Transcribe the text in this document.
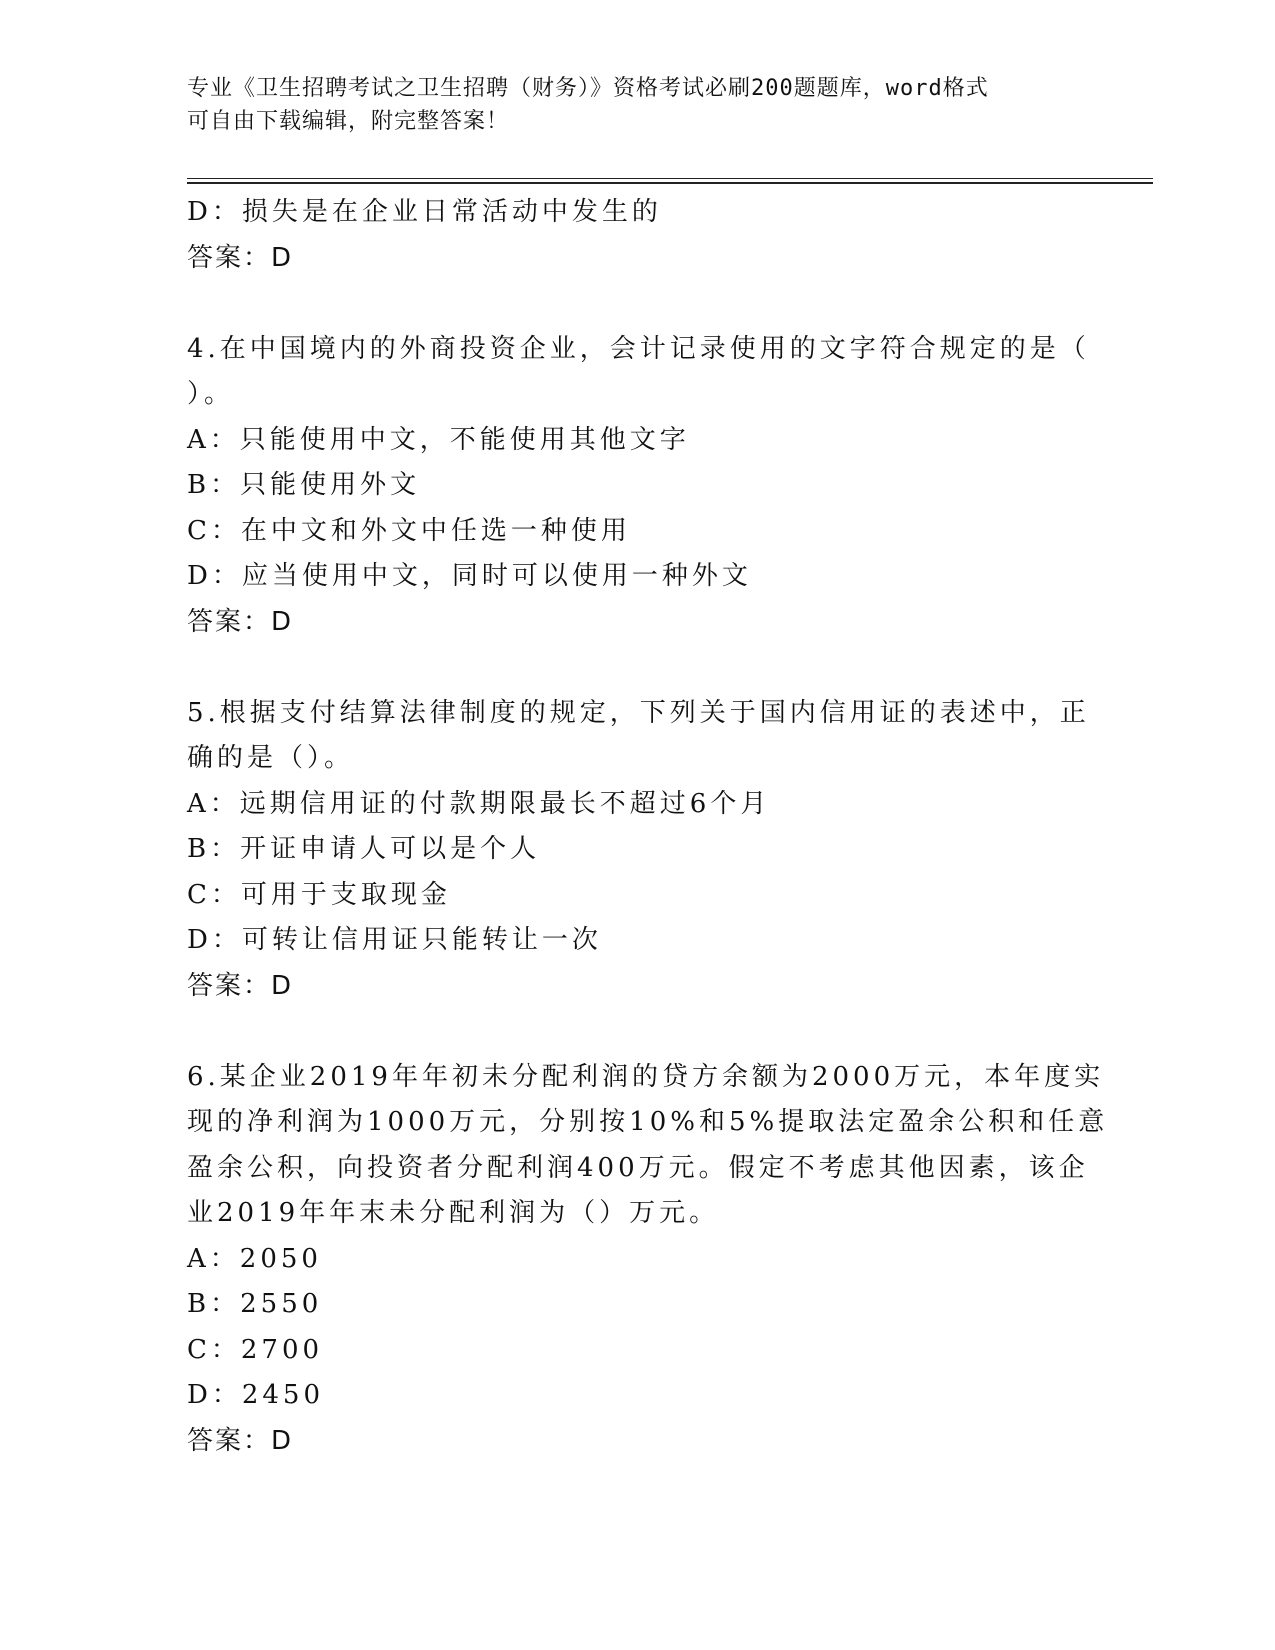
专业《卫生招聘考试之卫生招聘（财务）》资格考试必刷200题题库，word格式
可自由下载编辑，附完整答案！
D：损失是在企业日常活动中发生的
答案：D
4.在中国境内的外商投资企业，会计记录使用的文字符合规定的是（
）。
A：只能使用中文，不能使用其他文字
B：只能使用外文
C：在中文和外文中任选一种使用
D：应当使用中文，同时可以使用一种外文
答案：D
5.根据支付结算法律制度的规定，下列关于国内信用证的表述中，正
确的是（）。
A：远期信用证的付款期限最长不超过6个月
B：开证申请人可以是个人
C：可用于支取现金
D：可转让信用证只能转让一次
答案：D
6.某企业2019年年初未分配利润的贷方余额为2000万元，本年度实
现的净利润为1000万元，分别按10%和5%提取法定盈余公积和任意
盈余公积，向投资者分配利润400万元。假定不考虑其他因素，该企
业2019年年末未分配利润为（）万元。
A：2050
B：2550
C：2700
D：2450
答案：D
